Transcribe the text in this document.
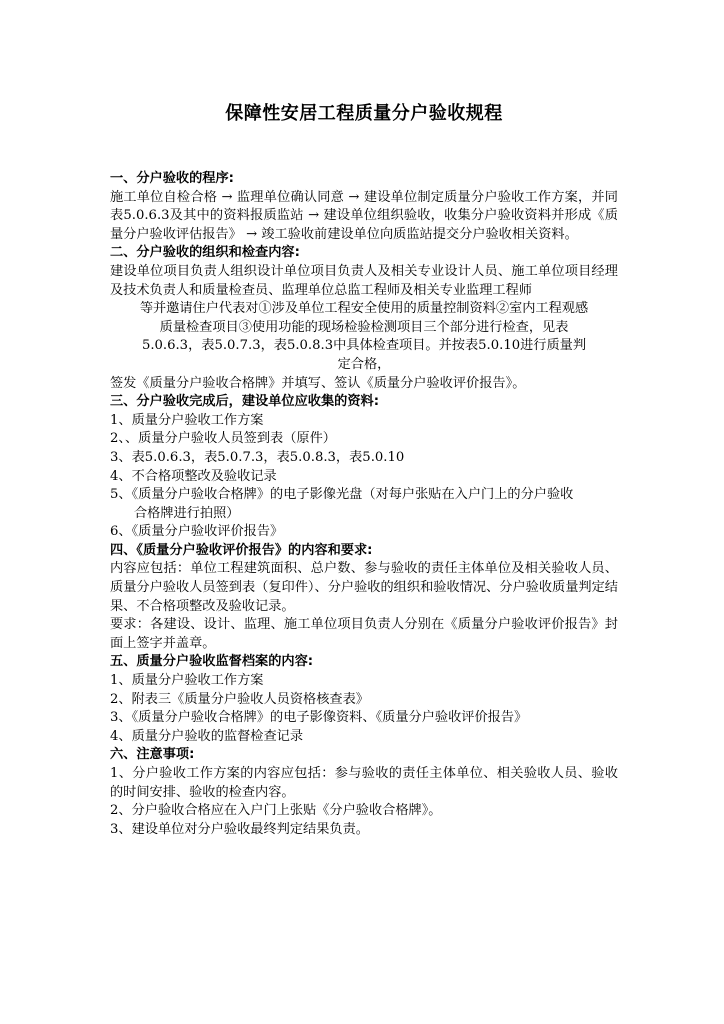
保障性安居工程质量分户验收规程

一、分户验收的程序:

施工单位自检合格 → 监理单位确认同意 → 建设单位制定质量分户验收工作方案，并同表5.0.6.3及其中的资料报质监站 → 建设单位组织验收，收集分户验收资料并形成《质量分户验收评估报告》 → 竣工验收前建设单位向质监站提交分户验收相关资料。

二、分户验收的组织和检查内容:

建设单位项目负责人组织设计单位项目负责人及相关专业设计人员、施工单位项目经理及技术负责人和质量检查员、监理单位总监工程师及相关专业监理工程师

等并邀请住户代表对①涉及单位工程安全使用的质量控制资料②室内工程观感

质量检查项目③使用功能的现场检验检测项目三个部分进行检查，见表

5.0.6.3，表5.0.7.3，表5.0.8.3中具体检查项目。并按表5.0.10进行质量判

定合格，

签发《质量分户验收合格牌》并填写、签认《质量分户验收评价报告》。

三、分户验收完成后，建设单位应收集的资料:

1、质量分户验收工作方案

2、、质量分户验收人员签到表（原件）

3、表5.0.6.3，表5.0.7.3，表5.0.8.3，表5.0.10

4、不合格项整改及验收记录

5、《质量分户验收合格牌》的电子影像光盘（对每户张贴在入户门上的分户验收

合格牌进行拍照）

6、《质量分户验收评价报告》

四、《质量分户验收评价报告》的内容和要求:

内容应包括：单位工程建筑面积、总户数、参与验收的责任主体单位及相关验收人员、质量分户验收人员签到表（复印件）、分户验收的组织和验收情况、分户验收质量判定结果、不合格项整改及验收记录。

要求：各建设、设计、监理、施工单位项目负责人分别在《质量分户验收评价报告》封面上签字并盖章。

五、质量分户验收监督档案的内容:

1、质量分户验收工作方案

2、附表三《质量分户验收人员资格核查表》

3、《质量分户验收合格牌》的电子影像资料、《质量分户验收评价报告》

4、质量分户验收的监督检查记录

六、注意事项:

1、分户验收工作方案的内容应包括：参与验收的责任主体单位、相关验收人员、验收的时间安排、验收的检查内容。

2、分户验收合格应在入户门上张贴《分户验收合格牌》。

3、建设单位对分户验收最终判定结果负责。
